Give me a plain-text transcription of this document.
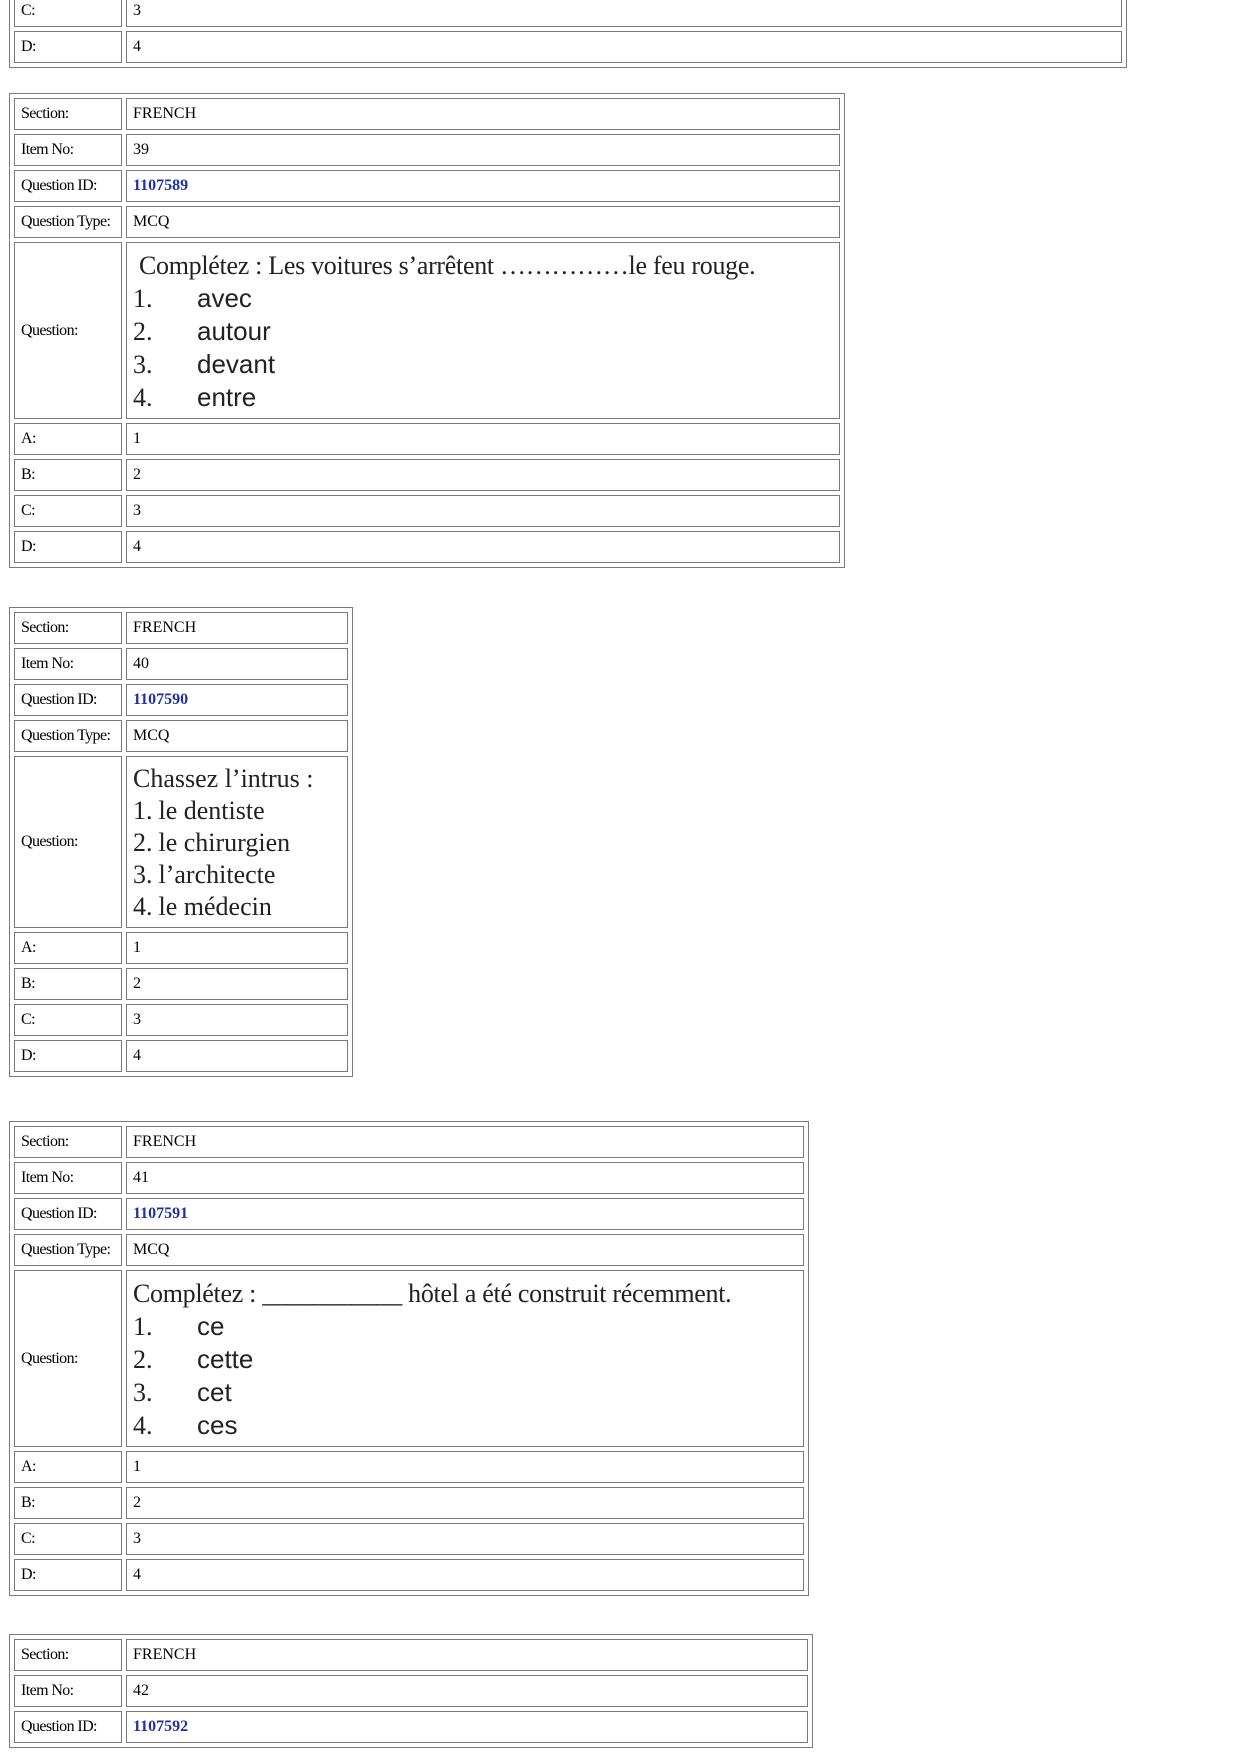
C:	3
D:	4
Section:	FRENCH
Item No:	39
Question ID:	1107589
Question Type:	MCQ
Question:	Complétez : Les voitures s’arrêtent ……………le feu rouge.
1. avec
2. autour
3. devant
4. entre

A:	1
B:	2
C:	3
D:	4
Section:	FRENCH
Item No:	40
Question ID:	1107590
Question Type:	MCQ
Question:	Chassez l’intrus :
1. le dentiste
2. le chirurgien
3. l’architecte
4. le médecin

A:	1
B:	2
C:	3
D:	4
Section:	FRENCH
Item No:	41
Question ID:	1107591
Question Type:	MCQ
Question:	Complétez : ___________ hôtel a été construit récemment.
1. ce
2. cette
3. cet
4. ces

A:	1
B:	2
C:	3
D:	4
Section:	FRENCH
Item No:	42
Question ID:	1107592
